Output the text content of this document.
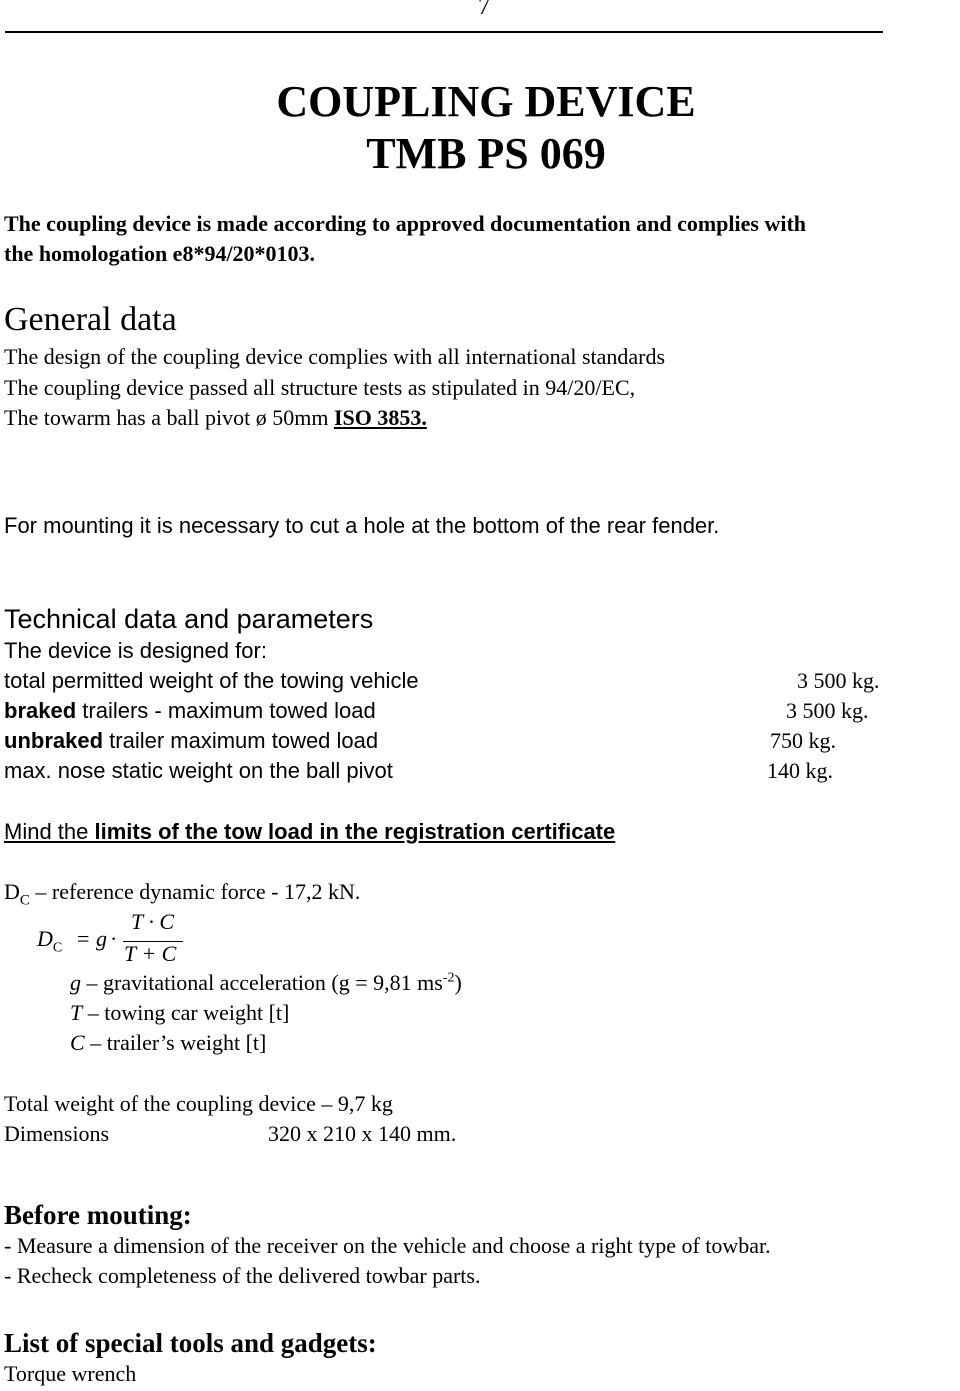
7
COUPLING DEVICE
TMB PS 069
The coupling device is made according to approved documentation and complies with
the homologation e8*94/20*0103.
General data
The design of the coupling device complies with all international standards
The coupling device passed all structure tests as stipulated in 94/20/EC,
The towarm has a ball pivot ø 50mm ISO 3853.
For mounting it is necessary to cut a hole at the bottom of the rear fender.
Technical data and parameters
The device is designed for:
total permitted weight of the towing vehicle	3 500 kg.
braked trailers - maximum towed load	3 500 kg.
unbraked trailer maximum towed load	750 kg.
max. nose static weight on the ball pivot	140 kg.
Mind the limits of the tow load in the registration certificate
$D_C$ – reference dynamic force - 17,2 kN.
$D_C = g$ ·
T · C
T + C
g – gravitational acceleration (g = 9,81 $ms^{-2}$)
T – towing car weight [t]
C – trailer’s weight [t]
Total weight of the coupling device – 9,7 kg
Dimensions	320 x 210 x 140 mm.
Before mouting:
- Measure a dimension of the receiver on the vehicle and choose a right type of towbar.
- Recheck completeness of the delivered towbar parts.
List of special tools and gadgets:
Torque wrench
